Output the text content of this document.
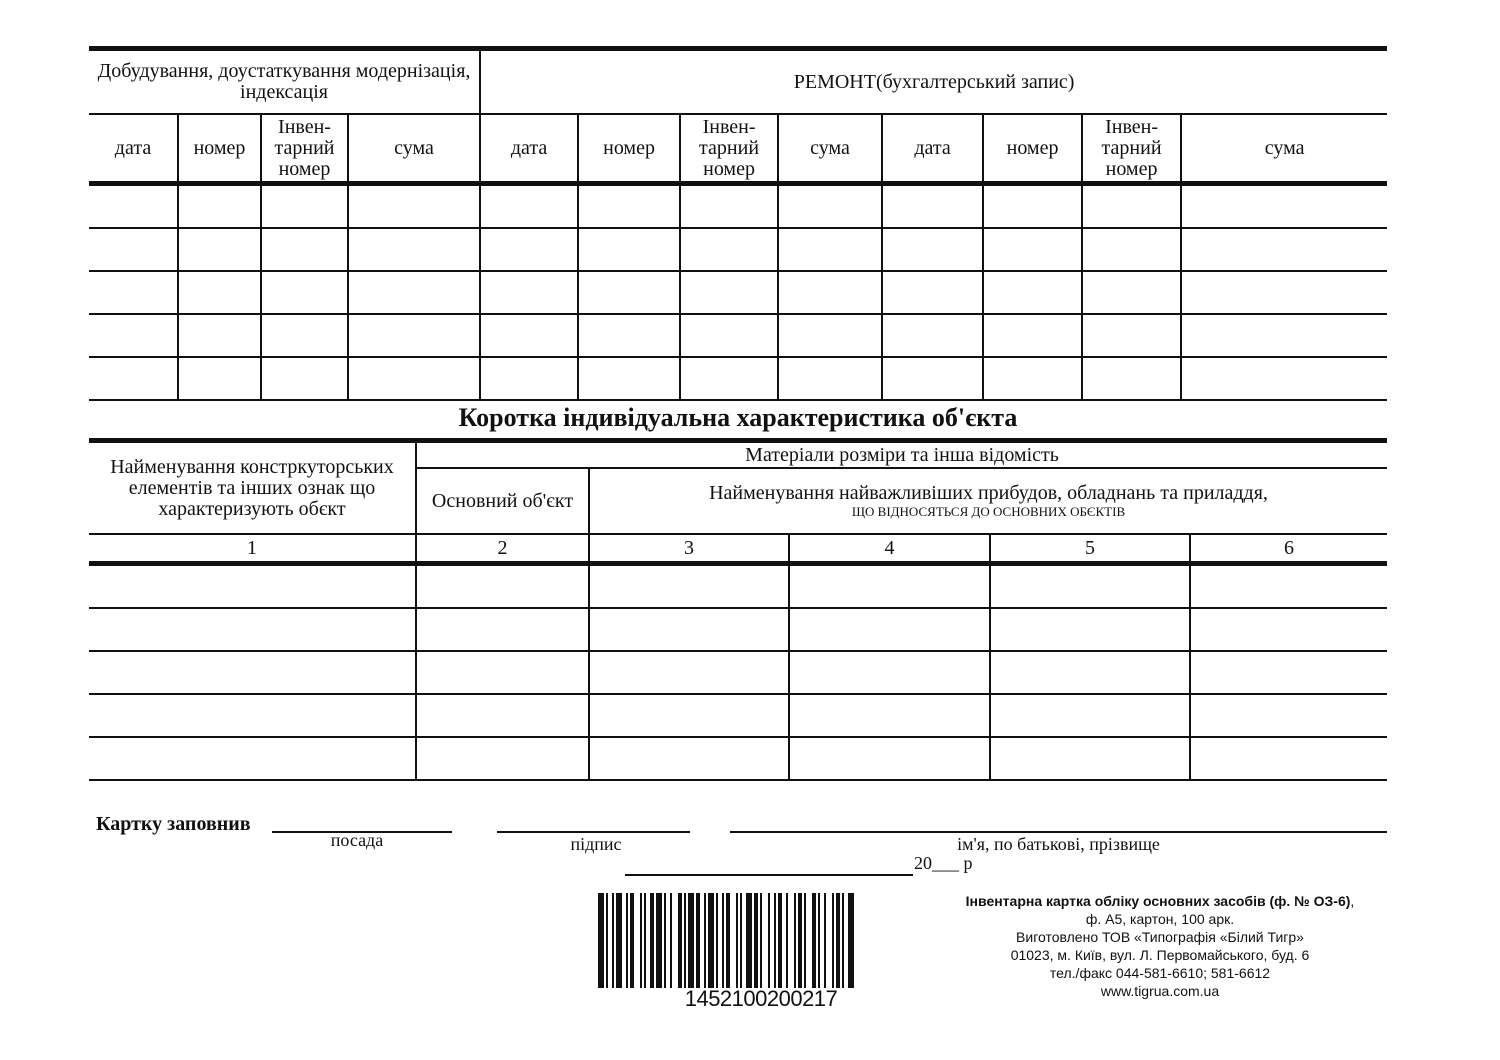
Добудування, доустаткування модернізація, індексація				РЕМОНТ(бухгалтерський запис)							
дата	номер	Інвен-тарний номер	сума	дата	номер	Інвен-тарний номер	сума	дата	номер	Інвен-тарний номер	сума

Коротка індивідуальна характеристика об'єкта
Найменування констркуторських елементів та інших ознак що характеризують обєкт	Матеріали розміри та інша відомість				
	Основний об'єкт	Найменування найважливіших прибудов, обладнань та приладдя,
ЩО ВІДНОСЯТЬСЯ ДО ОСНОВНИХ ОБЄКТІВ			

1	2	3	4	5	6

Картку заповнив
посада	підпис	ім'я, по батькові, прізвище
20___ р
1452100200217
Інвентарна картка обліку основних засобів (ф. № ОЗ-6),
ф. А5, картон, 100 арк.
Виготовлено ТОВ «Типографія «Білий Тигр»
01023, м. Київ, вул. Л. Первомайського, буд. 6
тел./факс 044-581-6610; 581-6612
www.tigrua.com.ua
